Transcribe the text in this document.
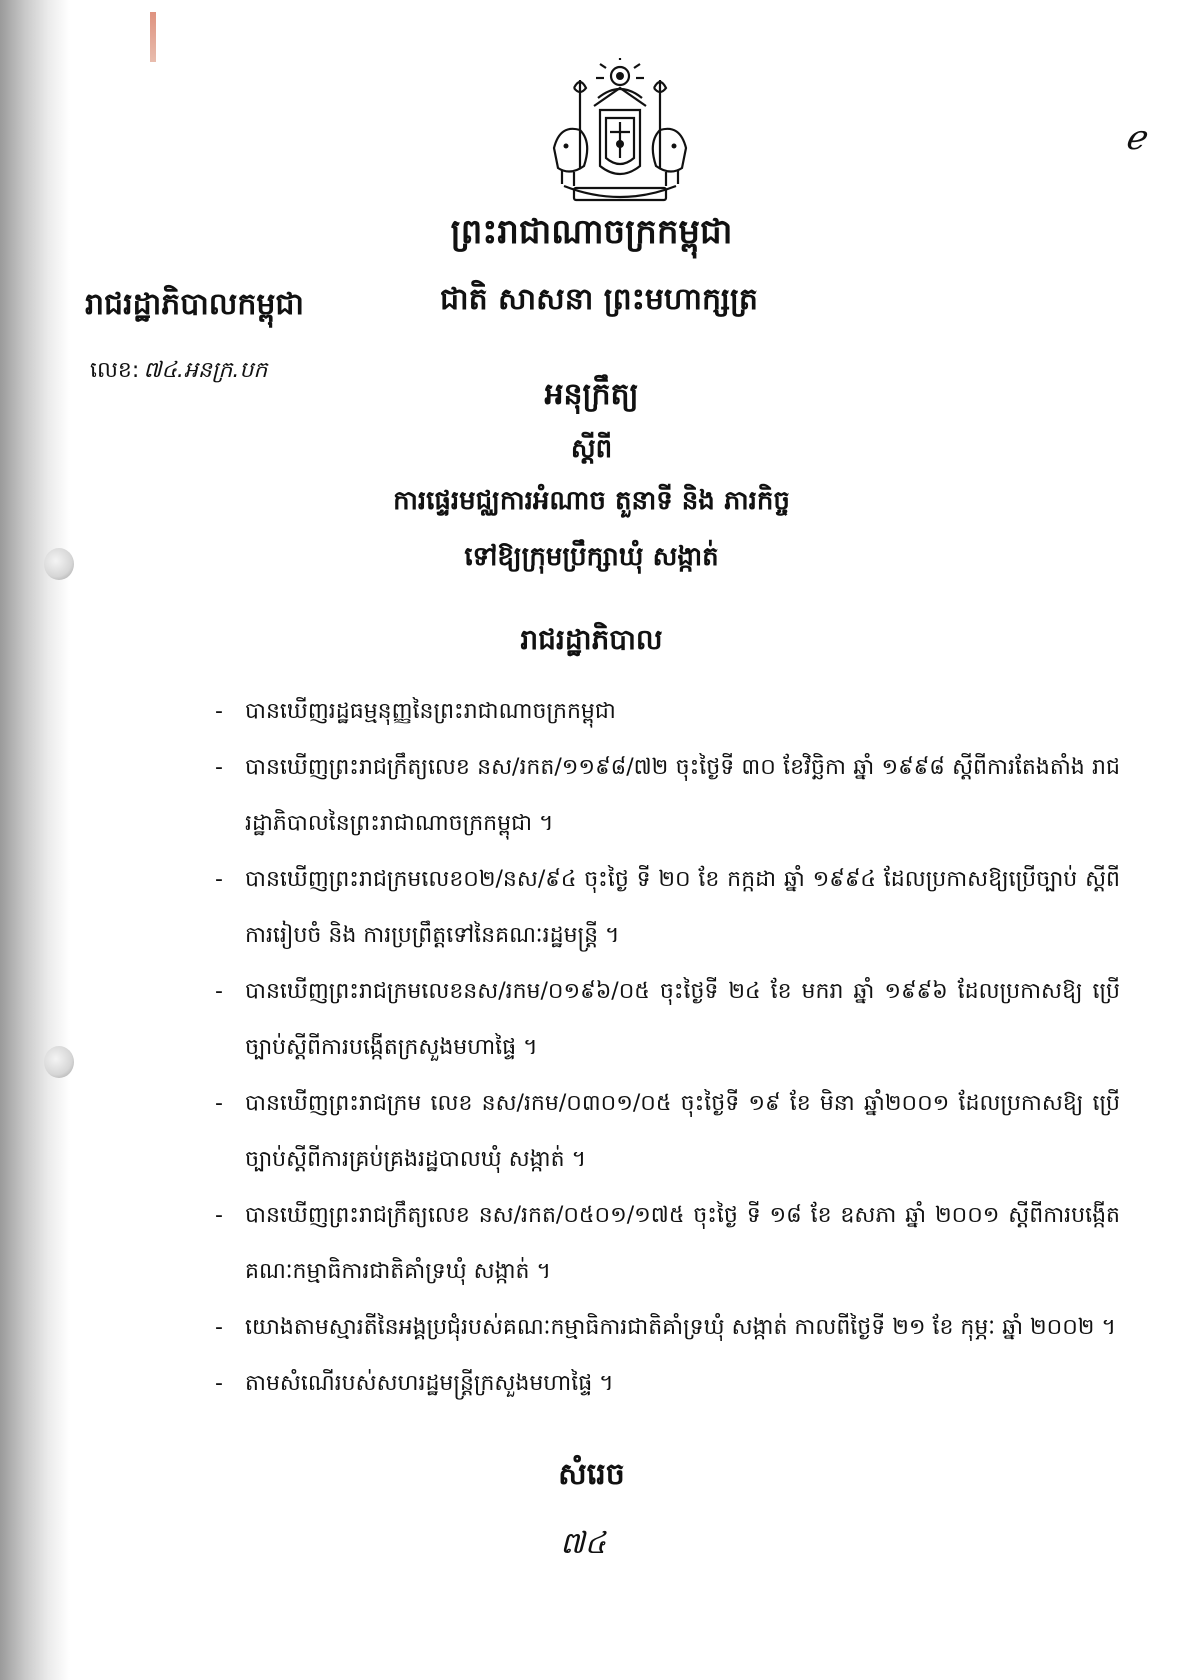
ℯ
ព្រះរាជាណាចក្រកម្ពុជា
ជាតិ សាសនា ព្រះមហាក្សត្រ
រាជរដ្ឋាភិបាលកម្ពុជា
លេខ: ៧៤.អនក្រ.បក
អនុក្រឹត្យ
ស្តីពី
ការផ្ទេរមជ្ឈការអំណាច តួនាទី និង ភារកិច្ច
ទៅឱ្យក្រុមប្រឹក្សាឃុំ សង្កាត់
រាជរដ្ឋាភិបាល
- បានឃើញរដ្ឋធម្មនុញ្ញនៃព្រះរាជាណាចក្រកម្ពុជា
- បានឃើញព្រះរាជក្រឹត្យលេខ នស/រកត/១១៩៨/៧២ ចុះថ្ងៃទី ៣០ ខែវិច្ឆិកា ឆ្នាំ ១៩៩៨ ស្តីពីការតែងតាំង រាជរដ្ឋាភិបាលនៃព្រះរាជាណាចក្រកម្ពុជា ។
- បានឃើញព្រះរាជក្រមលេខ០២/នស/៩៤ ចុះថ្ងៃ ទី ២០ ខែ កក្កដា ឆ្នាំ ១៩៩៤ ដែលប្រកាសឱ្យប្រើច្បាប់ ស្តីពីការរៀបចំ និង ការប្រព្រឹត្តទៅនៃគណៈរដ្ឋមន្ត្រី ។
- បានឃើញព្រះរាជក្រមលេខនស/រកម/០១៩៦/០៥ ចុះថ្ងៃទី ២៤ ខែ មករា ឆ្នាំ ១៩៩៦ ដែលប្រកាសឱ្យ ប្រើច្បាប់ស្តីពីការបង្កើតក្រសួងមហាផ្ទៃ ។
- បានឃើញព្រះរាជក្រម លេខ នស/រកម/០៣០១/០៥ ចុះថ្ងៃទី ១៩ ខែ មិនា ឆ្នាំ២០០១ ដែលប្រកាសឱ្យ ប្រើច្បាប់ស្តីពីការគ្រប់គ្រងរដ្ឋបាលឃុំ សង្កាត់ ។
- បានឃើញព្រះរាជក្រឹត្យលេខ នស/រកត/០៥០១/១៧៥ ចុះថ្ងៃ ទី ១៨ ខែ ឧសភា ឆ្នាំ ២០០១ ស្តីពីការបង្កើត គណៈកម្មាធិការជាតិគាំទ្រឃុំ សង្កាត់ ។
- យោងតាមស្មារតីនៃអង្គប្រជុំរបស់គណៈកម្មាធិការជាតិគាំទ្រឃុំ សង្កាត់ កាលពីថ្ងៃទី ២១ ខែ កុម្ភៈ ឆ្នាំ ២០០២ ។
- តាមសំណើរបស់សហរដ្ឋមន្ត្រីក្រសួងមហាផ្ទៃ ។
សំរេច
៧៤
